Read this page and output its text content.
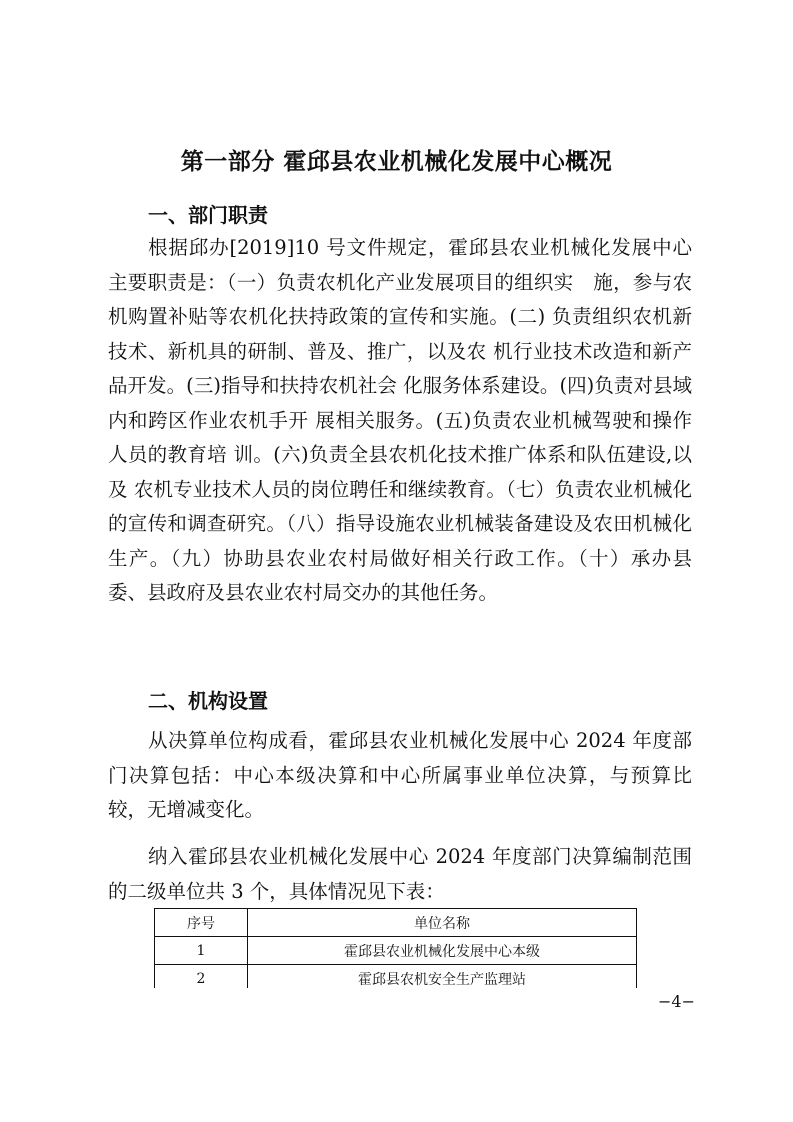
第一部分 霍邱县农业机械化发展中心概况
一、部门职责

根据邱办[2019]10 号文件规定，霍邱县农业机械化发展中心主要职责是：（一）负责农机化产业发展项目的组织实　施，参与农机购置补贴等农机化扶持政策的宣传和实施。(二) 负责组织农机新技术、新机具的研制、普及、推广，以及农 机行业技术改造和新产品开发。(三)指导和扶持农机社会 化服务体系建设。(四)负责对县域内和跨区作业农机手开 展相关服务。(五)负责农业机械驾驶和操作人员的教育培 训。(六)负责全县农机化技术推广体系和队伍建设,以及 农机专业技术人员的岗位聘任和继续教育。（七）负责农业机械化的宣传和调查研究。（八）指导设施农业机械装备建设及农田机械化生产。（九）协助县农业农村局做好相关行政工作。（十）承办县委、县政府及县农业农村局交办的其他任务。

二、机构设置

从决算单位构成看，霍邱县农业机械化发展中心 2024 年度部门决算包括：中心本级决算和中心所属事业单位决算，与预算比较，无增减变化。

纳入霍邱县农业机械化发展中心 2024 年度部门决算编制范围的二级单位共 3 个，具体情况见下表：

序号	单位名称
1	霍邱县农业机械化发展中心本级
2	霍邱县农机安全生产监理站

−4−
